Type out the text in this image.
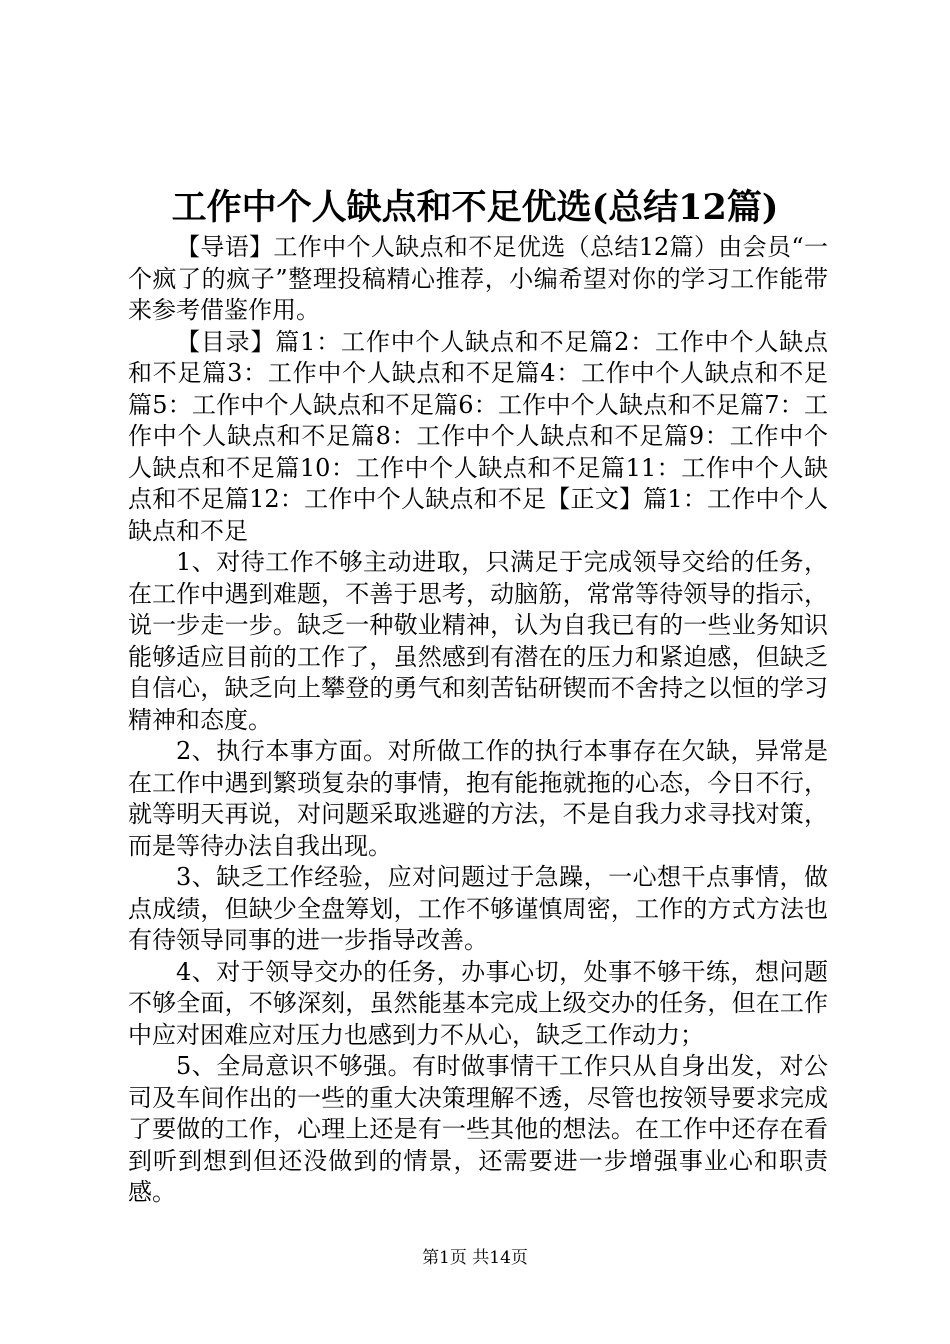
工作中个人缺点和不足优选(总结12篇)

【导语】工作中个人缺点和不足优选（总结12篇）由会员“一个疯了的疯子”整理投稿精心推荐，小编希望对你的学习工作能带来参考借鉴作用。

【目录】篇1：工作中个人缺点和不足篇2：工作中个人缺点和不足篇3：工作中个人缺点和不足篇4：工作中个人缺点和不足篇5：工作中个人缺点和不足篇6：工作中个人缺点和不足篇7：工作中个人缺点和不足篇8：工作中个人缺点和不足篇9：工作中个人缺点和不足篇10：工作中个人缺点和不足篇11：工作中个人缺点和不足篇12：工作中个人缺点和不足【正文】篇1：工作中个人缺点和不足

1、对待工作不够主动进取，只满足于完成领导交给的任务，在工作中遇到难题，不善于思考，动脑筋，常常等待领导的指示，说一步走一步。缺乏一种敬业精神，认为自我已有的一些业务知识能够适应目前的工作了，虽然感到有潜在的压力和紧迫感，但缺乏自信心，缺乏向上攀登的勇气和刻苦钻研锲而不舍持之以恒的学习精神和态度。

2、执行本事方面。对所做工作的执行本事存在欠缺，异常是在工作中遇到繁琐复杂的事情，抱有能拖就拖的心态，今日不行，就等明天再说，对问题采取逃避的方法，不是自我力求寻找对策，而是等待办法自我出现。

3、缺乏工作经验，应对问题过于急躁，一心想干点事情，做点成绩，但缺少全盘筹划，工作不够谨慎周密，工作的方式方法也有待领导同事的进一步指导改善。

4、对于领导交办的任务，办事心切，处事不够干练，想问题不够全面，不够深刻，虽然能基本完成上级交办的任务，但在工作中应对困难应对压力也感到力不从心，缺乏工作动力；

5、全局意识不够强。有时做事情干工作只从自身出发，对公司及车间作出的一些的重大决策理解不透，尽管也按领导要求完成了要做的工作，心理上还是有一些其他的想法。在工作中还存在看到听到想到但还没做到的情景，还需要进一步增强事业心和职责感。

第1页 共14页
